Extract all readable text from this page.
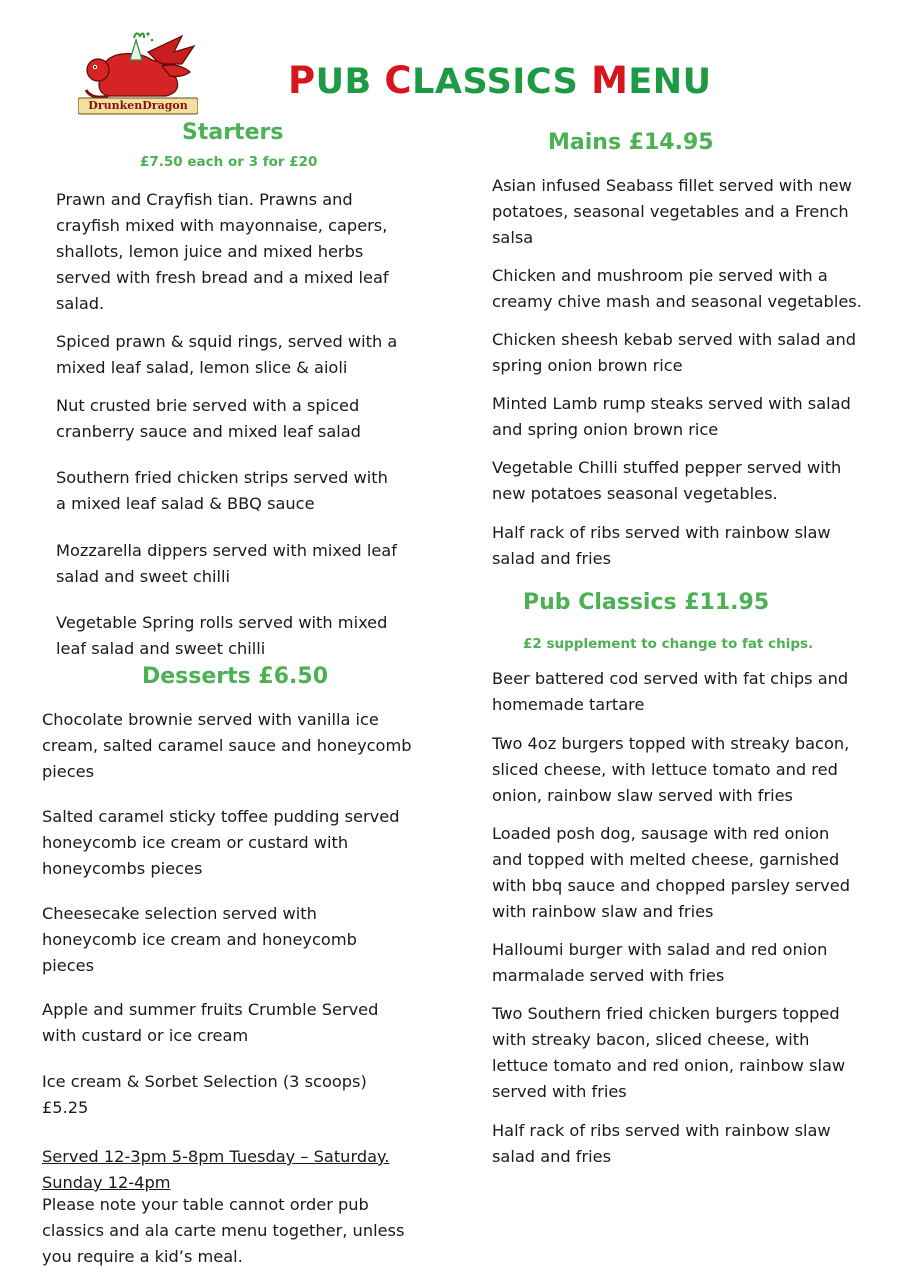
DrunkenDragon
PUB CLASSICS MENU
Starters

£7.50 each or 3 for £20

Prawn and Crayfish tian. Prawns and
crayfish mixed with mayonnaise, capers,
shallots, lemon juice and mixed herbs
served with fresh bread and a mixed leaf
salad.

Spiced prawn & squid rings, served with a
mixed leaf salad, lemon slice & aioli

Nut crusted brie served with a spiced
cranberry sauce and mixed leaf salad

Southern fried chicken strips served with
a mixed leaf salad & BBQ sauce

Mozzarella dippers served with mixed leaf
salad and sweet chilli

Vegetable Spring rolls served with mixed
leaf salad and sweet chilli

Desserts £6.50

Chocolate brownie served with vanilla ice
cream, salted caramel sauce and honeycomb
pieces

Salted caramel sticky toffee pudding served
honeycomb ice cream or custard with
honeycombs pieces

Cheesecake selection served with
honeycomb ice cream and honeycomb
pieces

Apple and summer fruits Crumble Served
with custard or ice cream

Ice cream & Sorbet Selection (3 scoops)
£5.25

Served 12-3pm 5-8pm Tuesday – Saturday.
Sunday 12-4pm

Please note your table cannot order pub
classics and ala carte menu together, unless
you require a kid’s meal.

Mains £14.95

Asian infused Seabass fillet served with new
potatoes, seasonal vegetables and a French
salsa

Chicken and mushroom pie served with a
creamy chive mash and seasonal vegetables.

Chicken sheesh kebab served with salad and
spring onion brown rice

Minted Lamb rump steaks served with salad
and spring onion brown rice

Vegetable Chilli stuffed pepper served with
new potatoes seasonal vegetables.

Half rack of ribs served with rainbow slaw
salad and fries

Pub Classics £11.95

£2 supplement to change to fat chips.

Beer battered cod served with fat chips and
homemade tartare

Two 4oz burgers topped with streaky bacon,
sliced cheese, with lettuce tomato and red
onion, rainbow slaw served with fries

Loaded posh dog, sausage with red onion
and topped with melted cheese, garnished
with bbq sauce and chopped parsley served
with rainbow slaw and fries

Halloumi burger with salad and red onion
marmalade served with fries

Two Southern fried chicken burgers topped
with streaky bacon, sliced cheese, with
lettuce tomato and red onion, rainbow slaw
served with fries

Half rack of ribs served with rainbow slaw
salad and fries
